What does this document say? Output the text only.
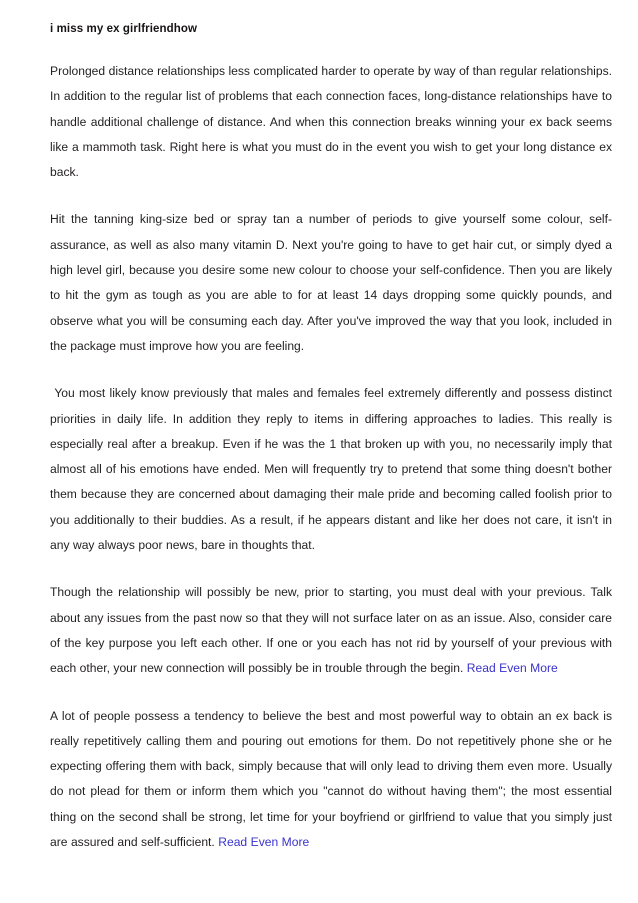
i miss my ex girlfriendhow

Prolonged distance relationships less complicated harder to operate by way of than regular relationships. In addition to the regular list of problems that each connection faces, long-distance relationships have to handle additional challenge of distance. And when this connection breaks winning your ex back seems like a mammoth task. Right here is what you must do in the event you wish to get your long distance ex back.

Hit the tanning king-size bed or spray tan a number of periods to give yourself some colour, self-assurance, as well as also many vitamin D. Next you're going to have to get hair cut, or simply dyed a high level girl, because you desire some new colour to choose your self-confidence. Then you are likely to hit the gym as tough as you are able to for at least 14 days dropping some quickly pounds, and observe what you will be consuming each day. After you've improved the way that you look, included in the package must improve how you are feeling.

You most likely know previously that males and females feel extremely differently and possess distinct priorities in daily life. In addition they reply to items in differing approaches to ladies. This really is especially real after a breakup. Even if he was the 1 that broken up with you, no necessarily imply that almost all of his emotions have ended. Men will frequently try to pretend that some thing doesn't bother them because they are concerned about damaging their male pride and becoming called foolish prior to you additionally to their buddies. As a result, if he appears distant and like her does not care, it isn't in any way always poor news, bare in thoughts that.

Though the relationship will possibly be new, prior to starting, you must deal with your previous. Talk about any issues from the past now so that they will not surface later on as an issue. Also, consider care of the key purpose you left each other. If one or you each has not rid by yourself of your previous with each other, your new connection will possibly be in trouble through the begin. Read Even More

A lot of people possess a tendency to believe the best and most powerful way to obtain an ex back is really repetitively calling them and pouring out emotions for them. Do not repetitively phone she or he expecting offering them with back, simply because that will only lead to driving them even more. Usually do not plead for them or inform them which you "cannot do without having them"; the most essential thing on the second shall be strong, let time for your boyfriend or girlfriend to value that you simply just are assured and self-sufficient. Read Even More
